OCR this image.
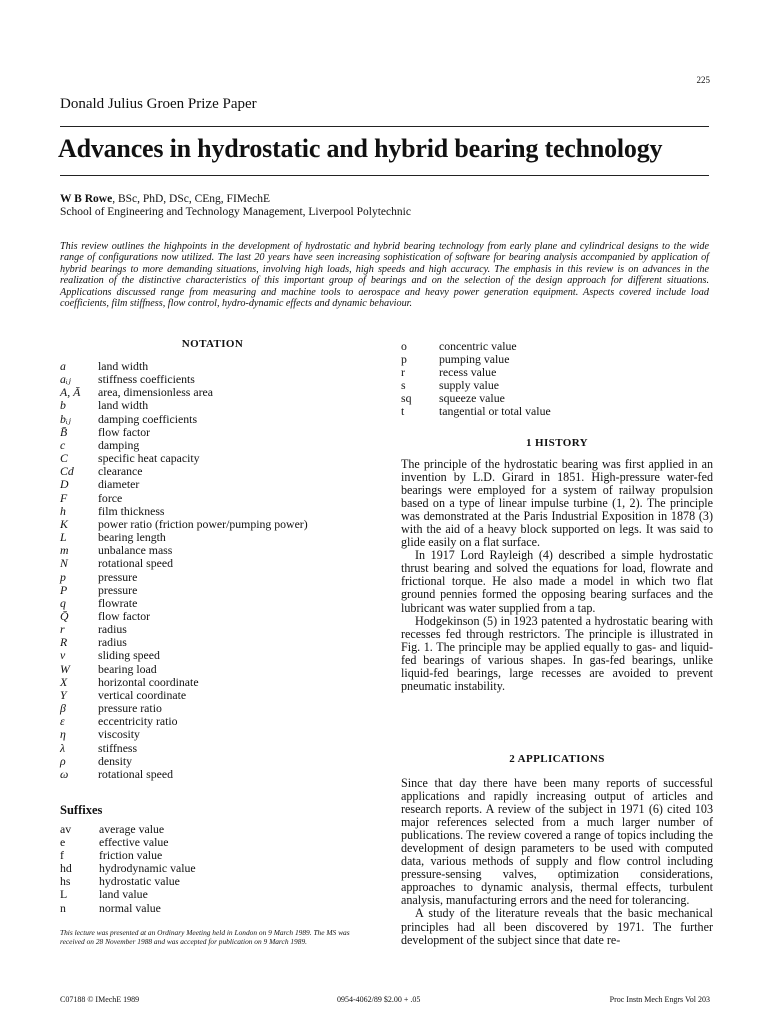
225
Donald Julius Groen Prize Paper
Advances in hydrostatic and hybrid bearing technology
W B Rowe, BSc, PhD, DSc, CEng, FIMechE
School of Engineering and Technology Management, Liverpool Polytechnic
This review outlines the highpoints in the development of hydrostatic and hybrid bearing technology from early plane and cylindrical designs to the wide range of configurations now utilized. The last 20 years have seen increasing sophistication of software for bearing analysis accompanied by application of hybrid bearings to more demanding situations, involving high loads, high speeds and high accuracy. The emphasis in this review is on advances in the realization of the distinctive characteristics of this important group of bearings and on the selection of the design approach for different situations. Applications discussed range from measuring and machine tools to aerospace and heavy power generation equipment. Aspects covered include load coefficients, film stiffness, flow control, hydro-dynamic effects and dynamic behaviour.
NOTATION
a	land width
aᵢⱼ	stiffness coefficients
A, Ā	area, dimensionless area
b	land width
bᵢⱼ	damping coefficients
B̄	flow factor
c	damping
C	specific heat capacity
Cd	clearance
D	diameter
F	force
h	film thickness
K	power ratio (friction power/pumping power)
L	bearing length
m	unbalance mass
N	rotational speed
p	pressure
P	pressure
q	flowrate
Q̄	flow factor
r	radius
R	radius
v	sliding speed
W	bearing load
X	horizontal coordinate
Y	vertical coordinate
β	pressure ratio
ε	eccentricity ratio
η	viscosity
λ	stiffness
ρ	density
ω	rotational speed
Suffixes
av	average value
e	effective value
f	friction value
hd	hydrodynamic value
hs	hydrostatic value
L	land value
n	normal value
This lecture was presented at an Ordinary Meeting held in London on 9 March 1989. The MS was received on 28 November 1988 and was accepted for publication on 9 March 1989.
o	concentric value
p	pumping value
r	recess value
s	supply value
sq	squeeze value
t	tangential or total value
1 HISTORY
The principle of the hydrostatic bearing was first applied in an invention by L.D. Girard in 1851. High-pressure water-fed bearings were employed for a system of railway propulsion based on a type of linear impulse turbine (1, 2). The principle was demonstrated at the Paris Industrial Exposition in 1878 (3) with the aid of a heavy block supported on legs. It was said to glide easily on a flat surface.
In 1917 Lord Rayleigh (4) described a simple hydrostatic thrust bearing and solved the equations for load, flowrate and frictional torque. He also made a model in which two flat ground pennies formed the opposing bearing surfaces and the lubricant was water supplied from a tap.
Hodgekinson (5) in 1923 patented a hydrostatic bearing with recesses fed through restrictors. The principle is illustrated in Fig. 1. The principle may be applied equally to gas- and liquid-fed bearings of various shapes. In gas-fed bearings, unlike liquid-fed bearings, large recesses are avoided to prevent pneumatic instability.
2 APPLICATIONS
Since that day there have been many reports of successful applications and rapidly increasing output of articles and research reports. A review of the subject in 1971 (6) cited 103 major references selected from a much larger number of publications. The review covered a range of topics including the development of design parameters to be used with computed data, various methods of supply and flow control including pressure-sensing valves, optimization considerations, approaches to dynamic analysis, thermal effects, turbulent analysis, manufacturing errors and the need for tolerancing.
A study of the literature reveals that the basic mechanical principles had all been discovered by 1971. The further development of the subject since that date re-
C07188 © IMechE 1989	0954-4062/89 $2.00 + .05	Proc Instn Mech Engrs Vol 203
